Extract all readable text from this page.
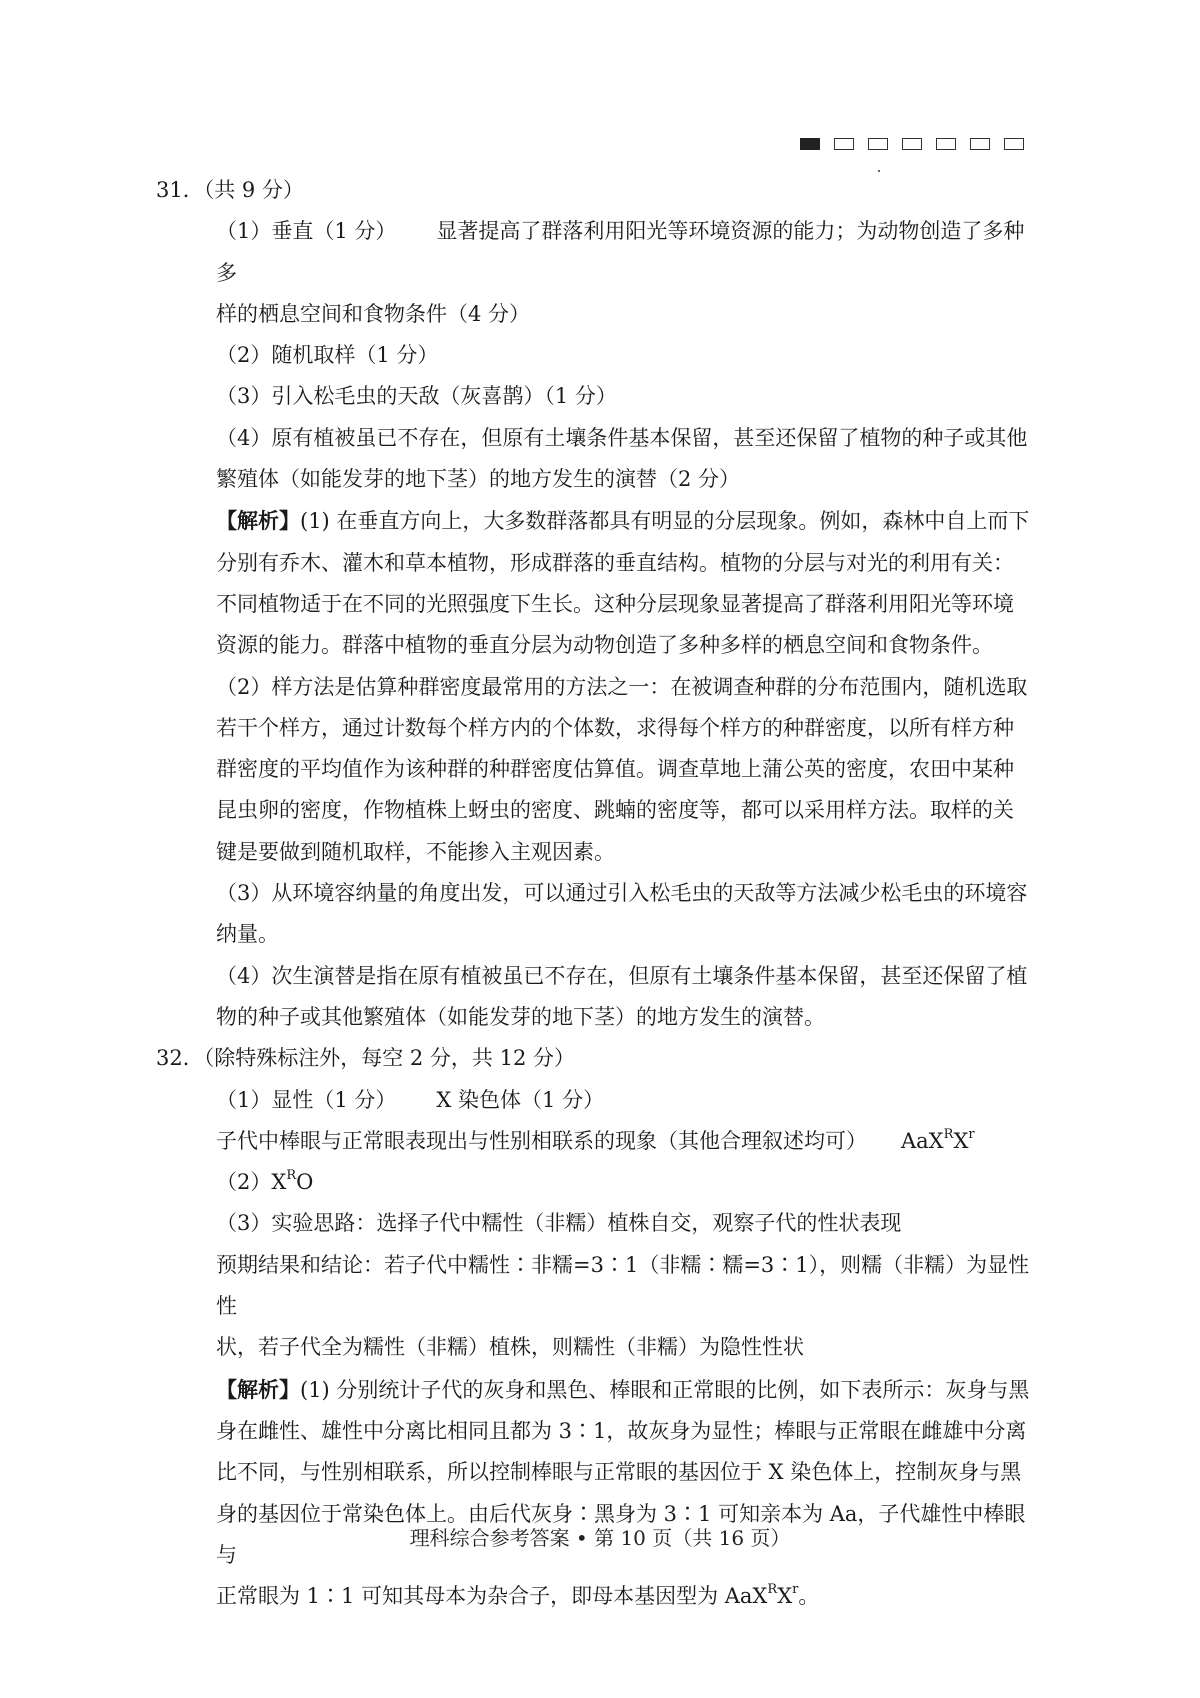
31．（共 9 分）

（1）垂直（1 分） 显著提高了群落利用阳光等环境资源的能力；为动物创造了多种多

样的栖息空间和食物条件（4 分）

（2）随机取样（1 分）

（3）引入松毛虫的天敌（灰喜鹊）（1 分）

（4）原有植被虽已不存在，但原有土壤条件基本保留，甚至还保留了植物的种子或其他

繁殖体（如能发芽的地下茎）的地方发生的演替（2 分）

【解析】(1) 在垂直方向上，大多数群落都具有明显的分层现象。例如，森林中自上而下

分别有乔木、灌木和草本植物，形成群落的垂直结构。植物的分层与对光的利用有关：

不同植物适于在不同的光照强度下生长。这种分层现象显著提高了群落利用阳光等环境

资源的能力。群落中植物的垂直分层为动物创造了多种多样的栖息空间和食物条件。

（2）样方法是估算种群密度最常用的方法之一：在被调查种群的分布范围内，随机选取

若干个样方，通过计数每个样方内的个体数，求得每个样方的种群密度，以所有样方种

群密度的平均值作为该种群的种群密度估算值。调查草地上蒲公英的密度，农田中某种

昆虫卵的密度，作物植株上蚜虫的密度、跳蝻的密度等，都可以采用样方法。取样的关

键是要做到随机取样，不能掺入主观因素。

（3）从环境容纳量的角度出发，可以通过引入松毛虫的天敌等方法减少松毛虫的环境容

纳量。

（4）次生演替是指在原有植被虽已不存在，但原有土壤条件基本保留，甚至还保留了植

物的种子或其他繁殖体（如能发芽的地下茎）的地方发生的演替。

32．（除特殊标注外，每空 2 分，共 12 分）

（1）显性（1 分） X 染色体（1 分）

子代中棒眼与正常眼表现出与性别相联系的现象（其他合理叙述均可） $AaX^RX^r$

$(2)X^RO$

（3）实验思路：选择子代中糯性（非糯）植株自交，观察子代的性状表现

预期结果和结论：若子代中糯性∶非糯=3∶1（非糯∶糯=3∶1），则糯（非糯）为显性性

状，若子代全为糯性（非糯）植株，则糯性（非糯）为隐性性状

【解析】(1) 分别统计子代的灰身和黑色、棒眼和正常眼的比例，如下表所示：灰身与黑

身在雌性、雄性中分离比相同且都为 3∶1，故灰身为显性；棒眼与正常眼在雌雄中分离

比不同，与性别相联系，所以控制棒眼与正常眼的基因位于 X 染色体上，控制灰身与黑

身的基因位于常染色体上。由后代灰身∶黑身为 3∶1 可知亲本为 Aa，子代雄性中棒眼与

正常眼为 1∶1 可知其母本为杂合子，即母本基因型为 $AaX^RX^r$。

理科综合参考答案 • 第 10 页（共 16 页）
